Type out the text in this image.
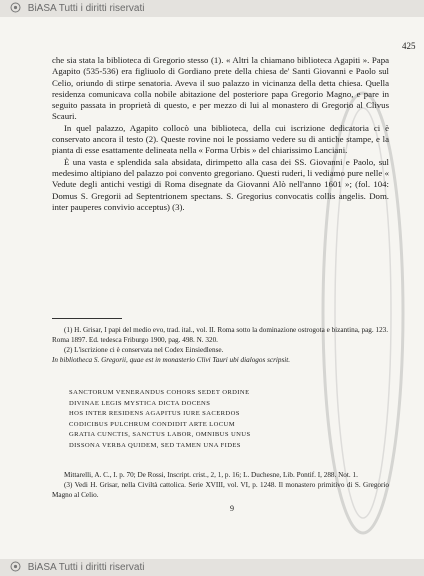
BiASA Tutti i diritti riservati
425

che sia stata la biblioteca di Gregorio stesso (1). « Altri la chiamano biblioteca Agapiti ». Papa Agapito (535-536) era figliuolo di Gordiano prete della chiesa de' Santi Giovanni e Paolo sul Celio, oriundo di stirpe senatoria. Aveva il suo palazzo in vicinanza della detta chiesa. Quella residenza comunicava colla nobile abitazione del posteriore papa Gregorio Magno, e pare in seguito passata in proprietà di questo, e per mezzo di lui al monastero di Gregorio al Clivus Scauri.

In quel palazzo, Agapito collocò una biblioteca, della cui iscrizione dedicatoria ci è conservato ancora il testo (2). Queste rovine noi le possiamo vedere su di antiche stampe, e la pianta di esse esattamente delineata nella « Forma Urbis » del chiarissimo Lanciani.

È una vasta e splendida sala absidata, dirimpetto alla casa dei SS. Giovanni e Paolo, sul medesimo altipiano del palazzo poi convento gregoriano. Questi ruderi, li vediamo pure nelle « Vedute degli antichi vestigi di Roma disegnate da Giovanni Alò nell'anno 1601 »; (fol. 104: Domus S. Gregorii ad Septentrionem spectans. S. Gregorius convocatis collis angelis. Dom. inter pauperes convivio acceptus) (3).

(1) H. Grisar, I papi del medio evo, trad. ital., vol. II. Roma sotto la dominazione ostrogota e bizantina, pag. 123. Roma 1897. Ed. tedesca Friburgo 1900, pag. 498. N. 320.

(2) L'iscrizione ci è conservata nel Codex Einsiedlense.

In bibliotheca S. Gregorii, quae est in monasterio Clivi Tauri ubi dialogos scripsit.

SANCTORUM VENERANDUS COHORS SEDET ORDINE
DIVINAE LEGIS MYSTICA DICTA DOCENS
HOS INTER RESIDENS AGAPITUS IURE SACERDOS
CODICIBUS PULCHRUM CONDIDIT ARTE LOCUM
GRATIA CUNCTIS, SANCTUS LABOR, OMNIBUS UNUS
DISSONA VERBA QUIDEM, SED TAMEN UNA FIDES

Mittarelli, A. C., I. p. 70; De Rossi, Inscript. crist., 2, 1, p. 16; L. Duchesne, Lib. Pontif. I, 288. Not. 1.

(3) Vedi H. Grisar, nella Civiltà cattolica. Serie XVIII, vol. VI, p. 1248. Il monastero primitivo di S. Gregorio Magno al Celio.

9
BiASA Tutti i diritti riservati
